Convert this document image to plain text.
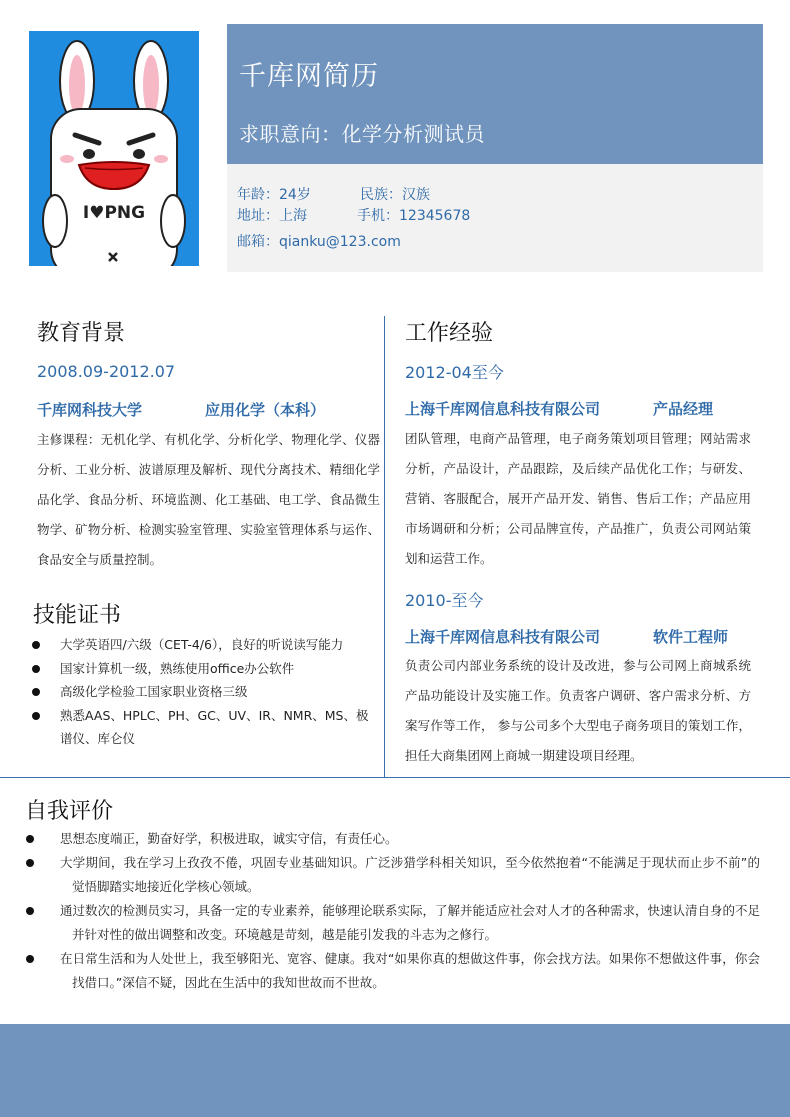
I♥PNG
千库网简历
求职意向：化学分析测试员
年龄：24岁	民族：汉族
地址：上海	手机：12345678
邮箱：qianku@123.com
教育背景
2008.09-2012.07
千库网科技大学	应用化学（本科）
主修课程：无机化学、有机化学、分析化学、物理化学、仪器分析、工业分析、波谱原理及解析、现代分离技术、精细化学品化学、食品分析、环境监测、化工基础、电工学、食品微生物学、矿物分析、检测实验室管理、实验室管理体系与运作、食品安全与质量控制。
技能证书
大学英语四/六级（CET-4/6），良好的听说读写能力
国家计算机一级，熟练使用office办公软件
高级化学检验工国家职业资格三级
熟悉AAS、HPLC、PH、GC、UV、IR、NMR、MS、极谱仪、库仑仪
工作经验
2012-04至今
上海千库网信息科技有限公司	产品经理
团队管理，电商产品管理，电子商务策划项目管理；网站需求分析，产品设计，产品跟踪，及后续产品优化工作；与研发、营销、客服配合，展开产品开发、销售、售后工作；产品应用市场调研和分析；公司品牌宣传，产品推广，负责公司网站策划和运营工作。
2010-至今
上海千库网信息科技有限公司	软件工程师
负责公司内部业务系统的设计及改进，参与公司网上商城系统产品功能设计及实施工作。负责客户调研、客户需求分析、方案写作等工作， 参与公司多个大型电子商务项目的策划工作，担任大商集团网上商城一期建设项目经理。
自我评价
思想态度端正，勤奋好学，积极进取，诚实守信，有责任心。
大学期间，我在学习上孜孜不倦，巩固专业基础知识。广泛涉猎学科相关知识，至今依然抱着“不能满足于现状而止步不前”的觉悟脚踏实地接近化学核心领域。
通过数次的检测员实习，具备一定的专业素养，能够理论联系实际，了解并能适应社会对人才的各种需求，快速认清自身的不足并针对性的做出调整和改变。环境越是苛刻，越是能引发我的斗志为之修行。
在日常生活和为人处世上，我至够阳光、宽容、健康。我对“如果你真的想做这件事，你会找方法。如果你不想做这件事，你会找借口。”深信不疑，因此在生活中的我知世故而不世故。
